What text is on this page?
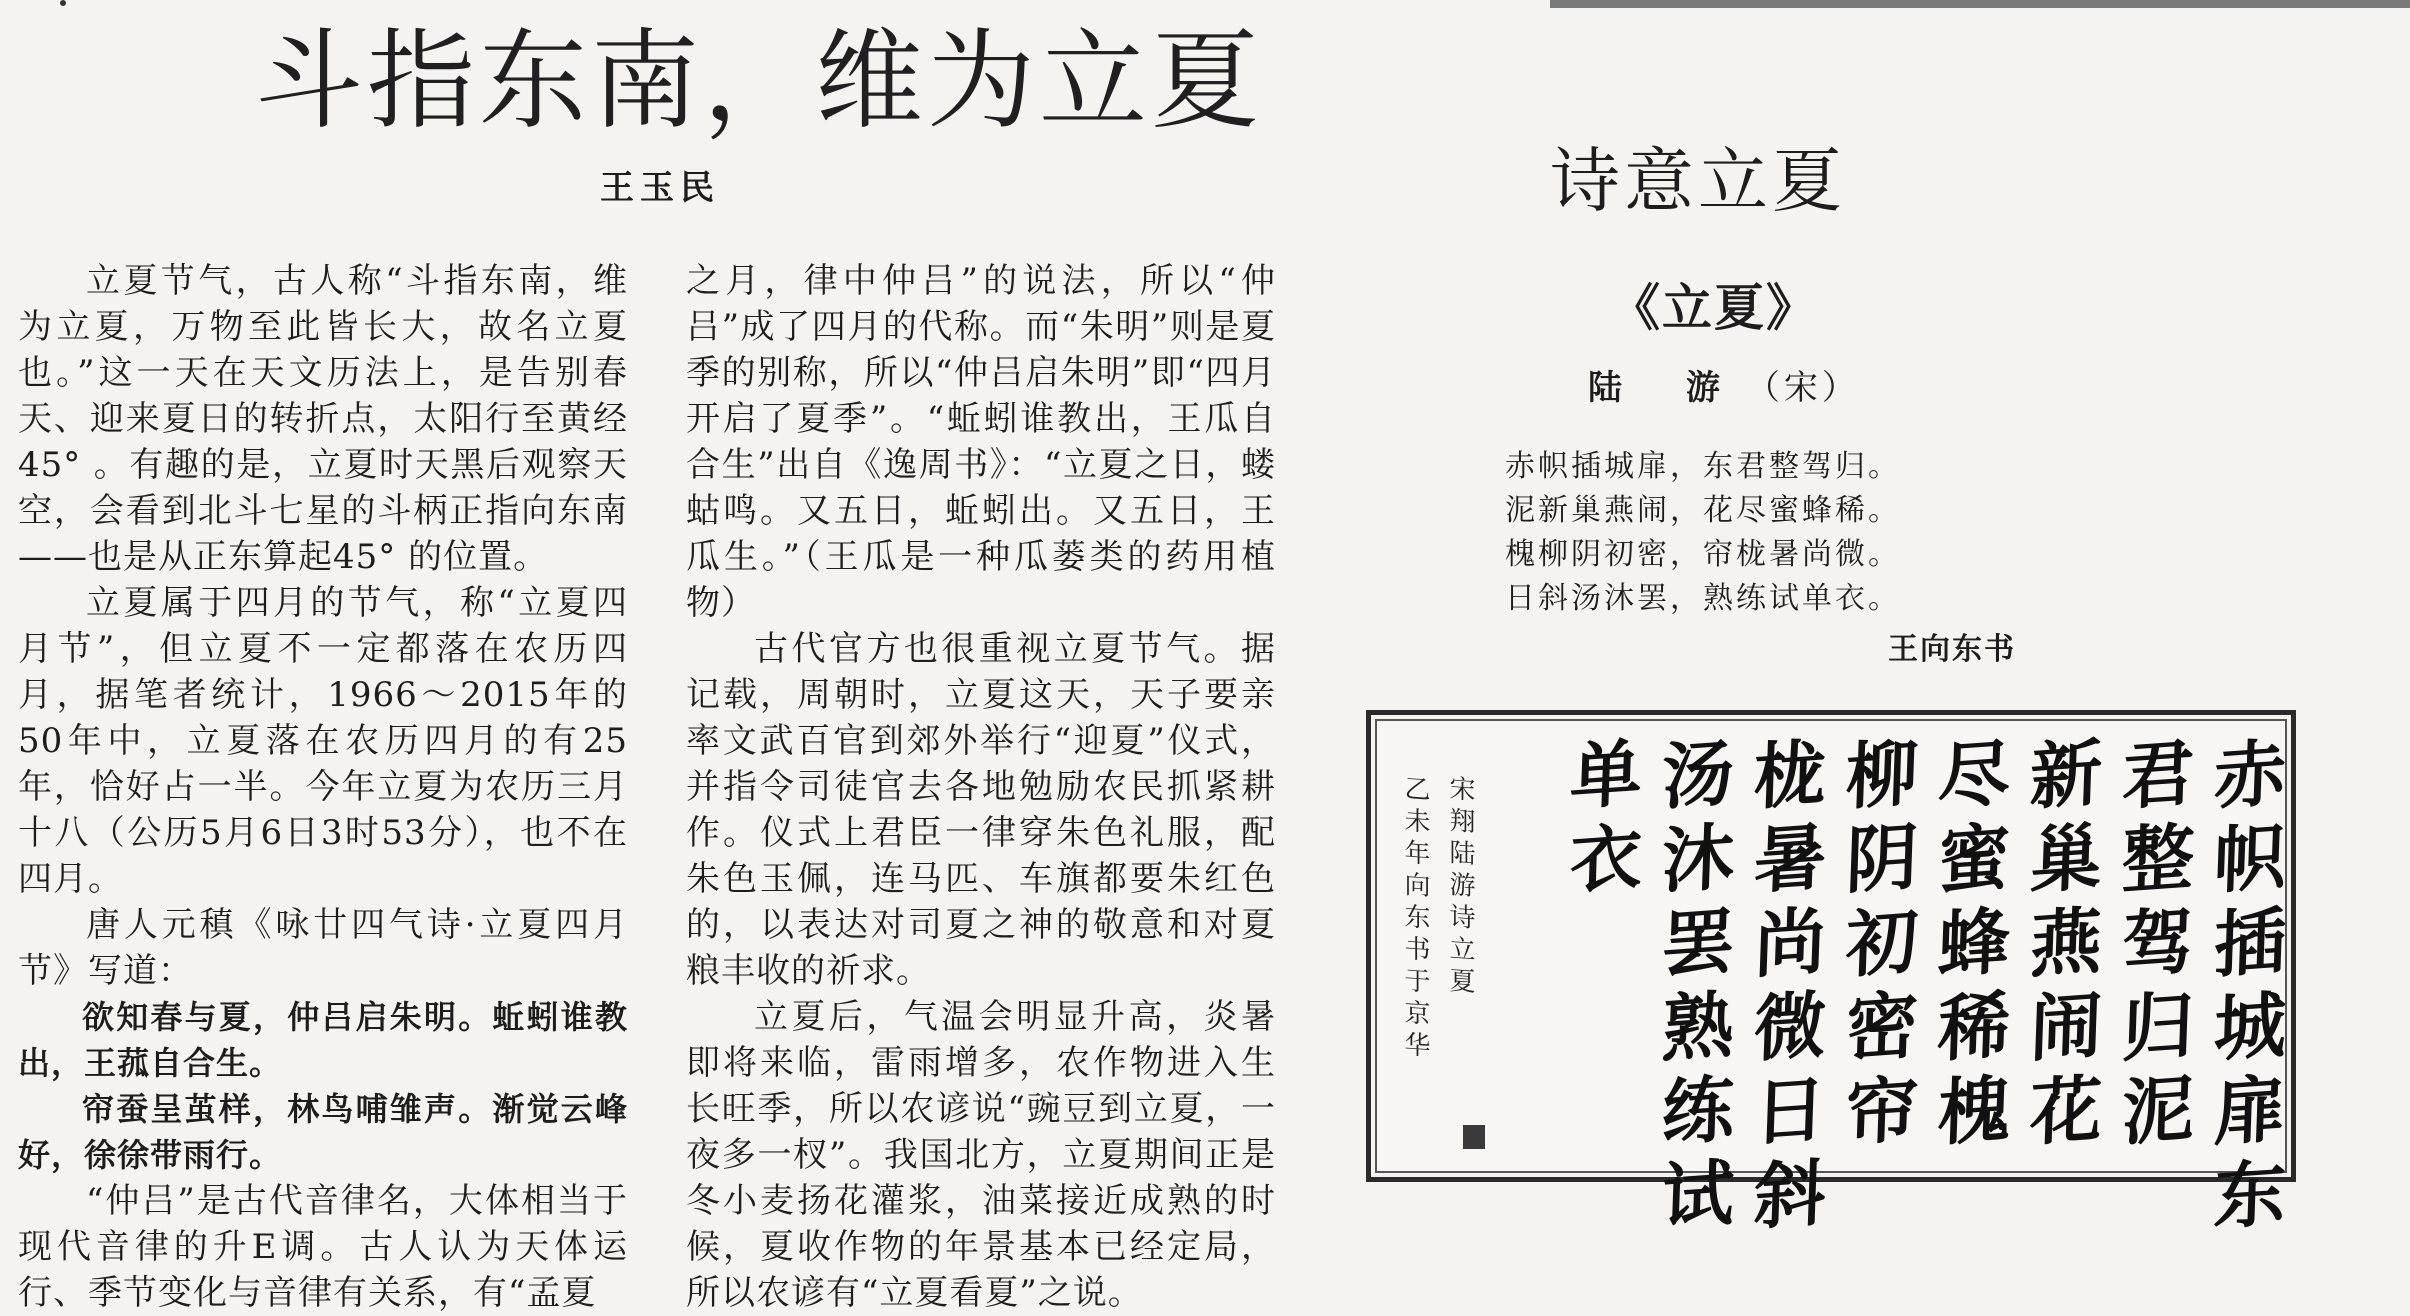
斗指东南，维为立夏
王玉民

立夏节气，古人称“斗指东南，维为立夏，万物至此皆长大，故名立夏也。”这一天在天文历法上，是告别春天、迎来夏日的转折点，太阳行至黄经45° 。有趣的是，立夏时天黑后观察天空，会看到北斗七星的斗柄正指向东南——也是从正东算起45° 的位置。

立夏属于四月的节气，称“立夏四月节”，但立夏不一定都落在农历四月，据笔者统计，1966～2015年的50年中，立夏落在农历四月的有25年，恰好占一半。今年立夏为农历三月十八（公历5月6日3时53分），也不在四月。

唐人元稹《咏廿四气诗·立夏四月节》写道：

欲知春与夏，仲吕启朱明。蚯蚓谁教出，王菰自合生。

帘蚕呈茧样，林鸟哺雏声。渐觉云峰好，徐徐带雨行。

“仲吕”是古代音律名，大体相当于现代音律的升E调。古人认为天体运行、季节变化与音律有关系，有“孟夏

之月，律中仲吕”的说法，所以“仲吕”成了四月的代称。而“朱明”则是夏季的别称，所以“仲吕启朱明”即“四月开启了夏季”。“蚯蚓谁教出，王瓜自合生”出自《逸周书》：“立夏之日，蝼蛄鸣。又五日，蚯蚓出。又五日，王瓜生。”（王瓜是一种瓜蒌类的药用植物）

古代官方也很重视立夏节气。据记载，周朝时，立夏这天，天子要亲率文武百官到郊外举行“迎夏”仪式，并指令司徒官去各地勉励农民抓紧耕作。仪式上君臣一律穿朱色礼服，配朱色玉佩，连马匹、车旗都要朱红色的，以表达对司夏之神的敬意和对夏粮丰收的祈求。

立夏后，气温会明显升高，炎暑即将来临，雷雨增多，农作物进入生长旺季，所以农谚说“豌豆到立夏，一夜多一杈”。我国北方，立夏期间正是冬小麦扬花灌浆，油菜接近成熟的时候，夏收作物的年景基本已经定局，所以农谚有“立夏看夏”之说。

诗意立夏
《立夏》
陆 游（宋）
赤帜插城扉，东君整驾归。
泥新巢燕闹，花尽蜜蜂稀。
槐柳阴初密，帘栊暑尚微。
日斜汤沐罢，熟练试单衣。
王向东书
赤
帜
插
城
扉
东
君
整
驾
归
泥
新
巢
燕
闹
花
尽
蜜
蜂
稀
槐
柳
阴
初
密
帘
栊
暑
尚
微
日
斜
汤
沐
罢
熟
练
试
单
衣
宋翔陆游诗立夏
乙未年向东书于京华
